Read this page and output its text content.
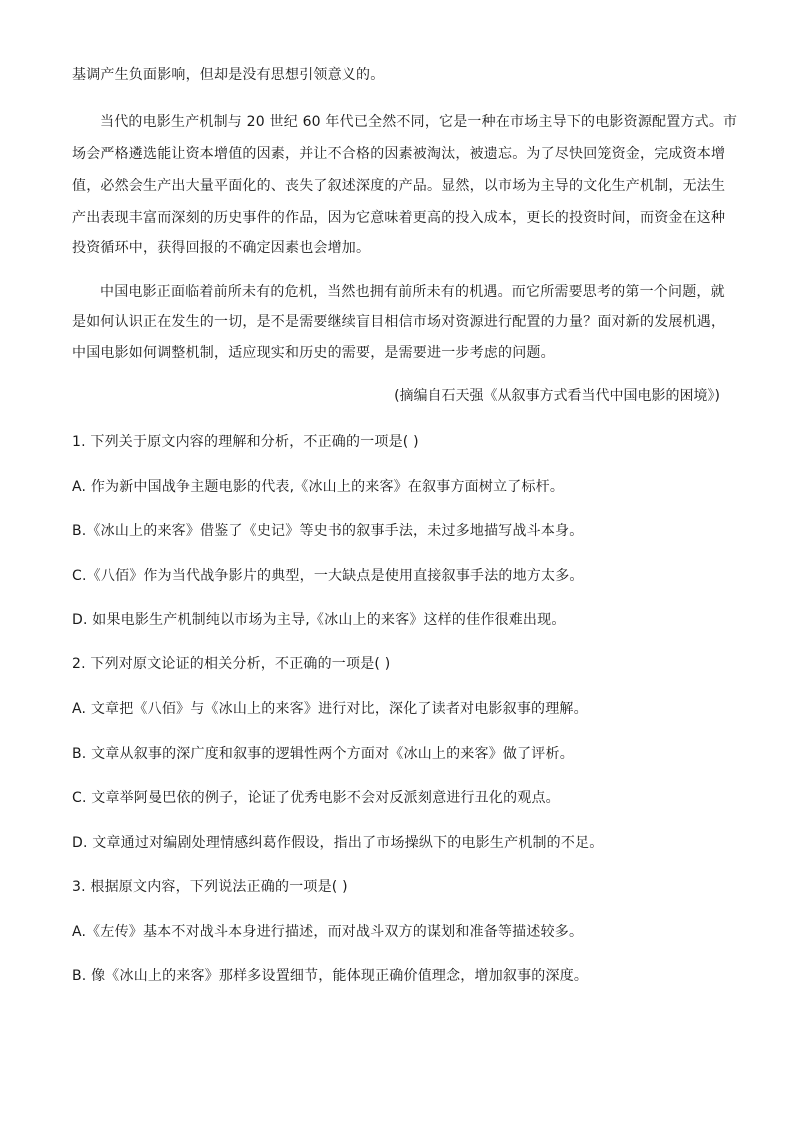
基调产生负面影响，但却是没有思想引领意义的。
当代的电影生产机制与 20 世纪 60 年代已全然不同，它是一种在市场主导下的电影资源配置方式。市
场会严格遴选能让资本增值的因素，并让不合格的因素被淘汰，被遗忘。为了尽快回笼资金，完成资本增
值，必然会生产出大量平面化的、丧失了叙述深度的产品。显然，以市场为主导的文化生产机制，无法生
产出表现丰富而深刻的历史事件的作品，因为它意味着更高的投入成本，更长的投资时间，而资金在这种
投资循环中，获得回报的不确定因素也会增加。
中国电影正面临着前所未有的危机，当然也拥有前所未有的机遇。而它所需要思考的第一个问题，就
是如何认识正在发生的一切，是不是需要继续盲目相信市场对资源进行配置的力量？面对新的发展机遇，
中国电影如何调整机制，适应现实和历史的需要，是需要进一步考虑的问题。
(摘编自石天强《从叙事方式看当代中国电影的困境》)
1. 下列关于原文内容的理解和分析，不正确的一项是( )
A. 作为新中国战争主题电影的代表,《冰山上的来客》在叙事方面树立了标杆。
B.《冰山上的来客》借鉴了《史记》等史书的叙事手法，未过多地描写战斗本身。
C.《八佰》作为当代战争影片的典型，一大缺点是使用直接叙事手法的地方太多。
D. 如果电影生产机制纯以市场为主导,《冰山上的来客》这样的佳作很难出现。
2. 下列对原文论证的相关分析，不正确的一项是( )
A. 文章把《八佰》与《冰山上的来客》进行对比，深化了读者对电影叙事的理解。
B. 文章从叙事的深广度和叙事的逻辑性两个方面对《冰山上的来客》做了评析。
C. 文章举阿曼巴依的例子，论证了优秀电影不会对反派刻意进行丑化的观点。
D. 文章通过对编剧处理情感纠葛作假设，指出了市场操纵下的电影生产机制的不足。
3. 根据原文内容，下列说法正确的一项是( )
A.《左传》基本不对战斗本身进行描述，而对战斗双方的谋划和准备等描述较多。
B. 像《冰山上的来客》那样多设置细节，能体现正确价值理念，增加叙事的深度。
